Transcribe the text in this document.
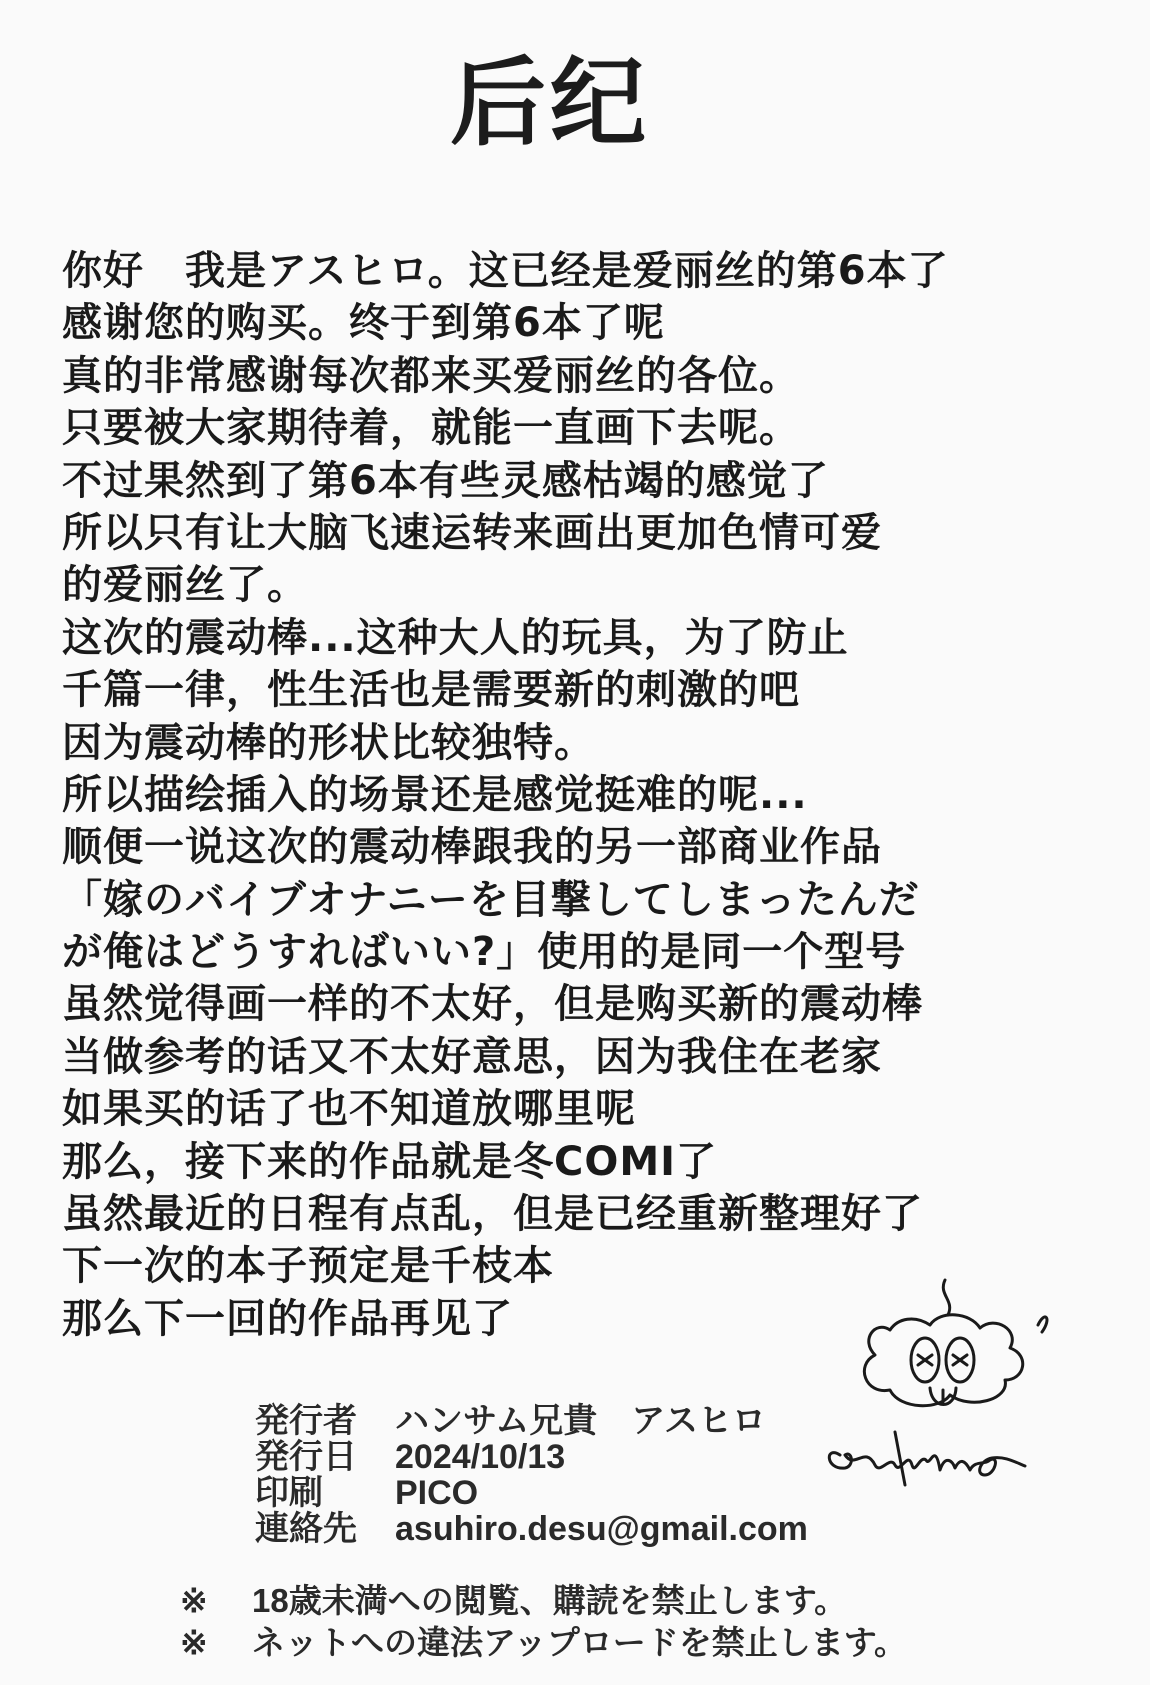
后纪
你好　我是アスヒロ。这已经是爱丽丝的第6本了
感谢您的购买。终于到第6本了呢
真的非常感谢每次都来买爱丽丝的各位。
只要被大家期待着，就能一直画下去呢。
不过果然到了第6本有些灵感枯竭的感觉了
所以只有让大脑飞速运转来画出更加色情可爱
的爱丽丝了。
这次的震动棒...这种大人的玩具，为了防止
千篇一律，性生活也是需要新的刺激的吧
因为震动棒的形状比较独特。
所以描绘插入的场景还是感觉挺难的呢...
顺便一说这次的震动棒跟我的另一部商业作品
「嫁のバイブオナニーを目撃してしまったんだ
が俺はどうすればいい?」使用的是同一个型号
虽然觉得画一样的不太好，但是购买新的震动棒
当做参考的话又不太好意思，因为我住在老家
如果买的话了也不知道放哪里呢
那么，接下来的作品就是冬COMI了
虽然最近的日程有点乱，但是已经重新整理好了
下一次的本子预定是千枝本
那么下一回的作品再见了
発行者	ハンサム兄貴　アスヒロ
発行日	2024/10/13
印刷	PICO
連絡先	asuhiro.desu@gmail.com
※	18歳未満への閲覧、購読を禁止します。
※	ネットへの違法アップロードを禁止します。
